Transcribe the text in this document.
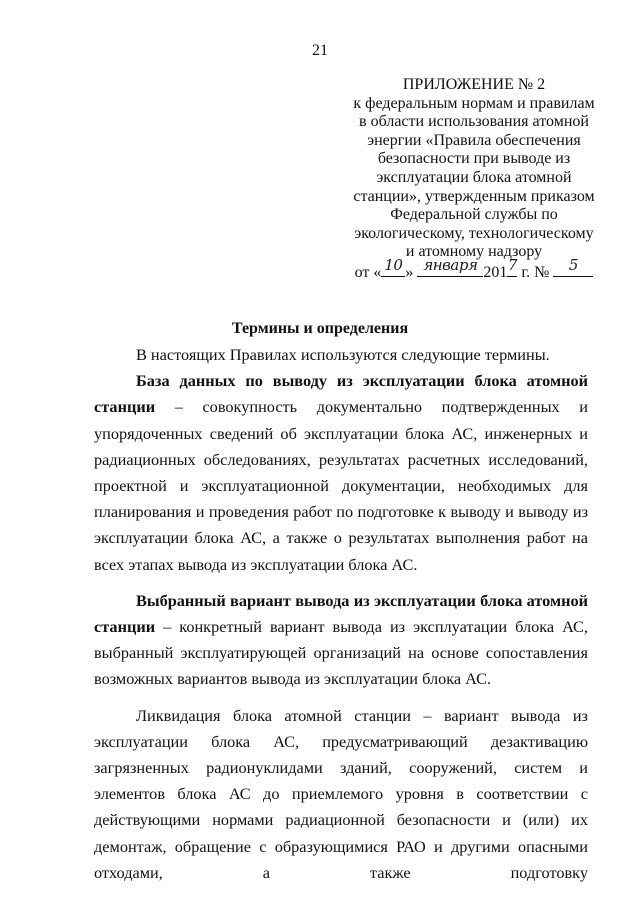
21
ПРИЛОЖЕНИЕ № 2
к федеральным нормам и правилам
в области использования атомной
энергии «Правила обеспечения
безопасности при выводе из
эксплуатации блока атомной
станции», утвержденным приказом
Федеральной службы по
экологическому, технологическому
и атомному надзору
от « 10 » января 201 7 г. №	5
Термины и определения

В настоящих Правилах используются следующие термины.

База данных по выводу из эксплуатации блока атомной станции – совокупность документально подтвержденных и упорядоченных сведений об эксплуатации блока АС, инженерных и радиационных обследованиях, результатах расчетных исследований, проектной и эксплуатационной документации, необходимых для планирования и проведения работ по подготовке к выводу и выводу из эксплуатации блока АС, а также о результатах выполнения работ на всех этапах вывода из эксплуатации блока АС.

Выбранный вариант вывода из эксплуатации блока атомной станции – конкретный вариант вывода из эксплуатации блока АС, выбранный эксплуатирующей организаций на основе сопоставления возможных вариантов вывода из эксплуатации блока АС.

Ликвидация блока атомной станции – вариант вывода из эксплуатации блока АС, предусматривающий дезактивацию загрязненных радионуклидами зданий, сооружений, систем и элементов блока АС до приемлемого уровня в соответствии с действующими нормами радиационной безопасности и (или) их демонтаж, обращение с образующимися РАО и другими опасными отходами, а также подготовку
